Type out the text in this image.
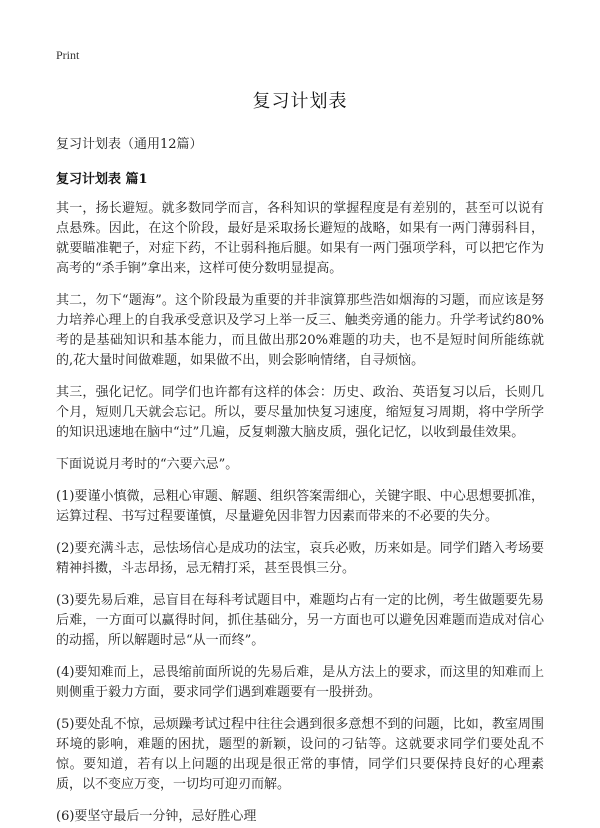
Print
复习计划表

复习计划表（通用12篇）

复习计划表 篇1

其一，扬长避短。就多数同学而言，各科知识的掌握程度是有差别的，甚至可以说有点悬殊。因此，在这个阶段，最好是采取扬长避短的战略，如果有一两门薄弱科目，就要瞄准靶子，对症下药，不让弱科拖后腿。如果有一两门强项学科，可以把它作为高考的“杀手锏”拿出来，这样可使分数明显提高。

其二，勿下“题海”。这个阶段最为重要的并非演算那些浩如烟海的习题，而应该是努力培养心理上的自我承受意识及学习上举一反三、触类旁通的能力。升学考试约80%考的是基础知识和基本能力，而且做出那20%难题的功夫，也不是短时间所能练就的,花大量时间做难题，如果做不出，则会影响情绪，自寻烦恼。

其三，强化记忆。同学们也许都有这样的体会：历史、政治、英语复习以后，长则几个月，短则几天就会忘记。所以，要尽量加快复习速度，缩短复习周期，将中学所学的知识迅速地在脑中“过”几遍，反复刺激大脑皮质，强化记忆，以收到最佳效果。

下面说说月考时的“六要六忌”。

(1)要谨小慎微，忌粗心审题、解题、组织答案需细心，关键字眼、中心思想要抓准，运算过程、书写过程要谨慎，尽量避免因非智力因素而带来的不必要的失分。

(2)要充满斗志，忌怯场信心是成功的法宝，哀兵必败，历来如是。同学们踏入考场要精神抖擞，斗志昂扬，忌无精打采，甚至畏惧三分。

(3)要先易后难，忌盲目在每科考试题目中，难题均占有一定的比例，考生做题要先易后难，一方面可以赢得时间，抓住基础分，另一方面也可以避免因难题而造成对信心的动摇，所以解题时忌“从一而终”。

(4)要知难而上，忌畏缩前面所说的先易后难，是从方法上的要求，而这里的知难而上则侧重于毅力方面，要求同学们遇到难题要有一股拼劲。

(5)要处乱不惊，忌烦躁考试过程中往往会遇到很多意想不到的问题，比如，教室周围环境的影响，难题的困扰，题型的新颖，设问的刁钻等。这就要求同学们要处乱不惊。要知道，若有以上问题的出现是很正常的事情，同学们只要保持良好的心理素质，以不变应万变，一切均可迎刃而解。

(6)要坚守最后一分钟，忌好胜心理
